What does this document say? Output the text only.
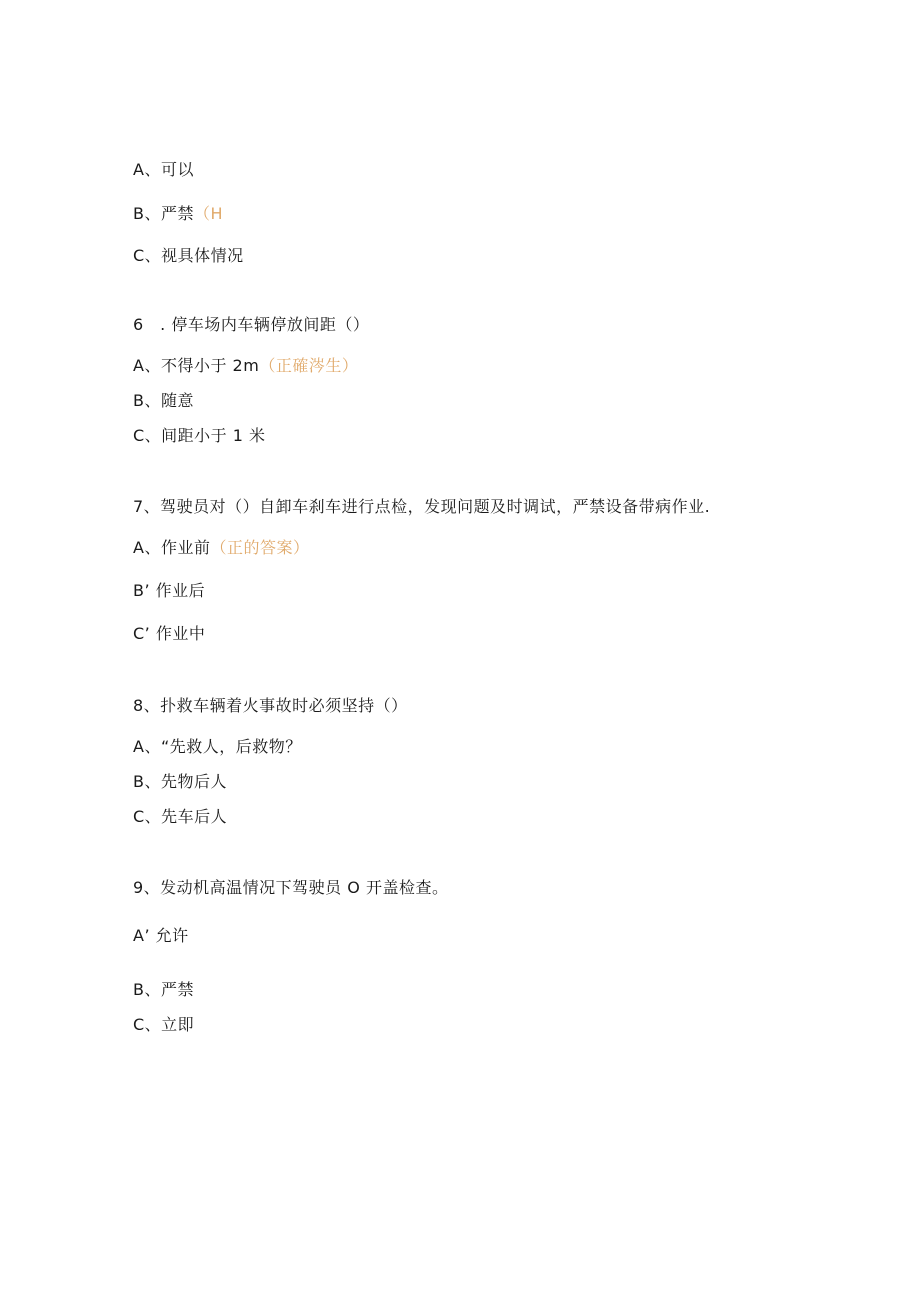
A、可以
B、严禁（H
C、视具体情况
6　. 停车场内车辆停放间距（）
A、不得小于 2m（正確涔生）
B、随意
C、间距小于 1 米
7、驾驶员对（）自卸车刹车进行点检，发现问题及时调试，严禁设备带病作业.
A、作业前（正的答案）
B’ 作业后
C’ 作业中
8、扑救车辆着火事故时必须坚持（）
A、“先救人，后救物？
B、先物后人
C、先车后人
9、发动机高温情况下驾驶员 O 开盖检查。
A’ 允许
B、严禁
C、立即
